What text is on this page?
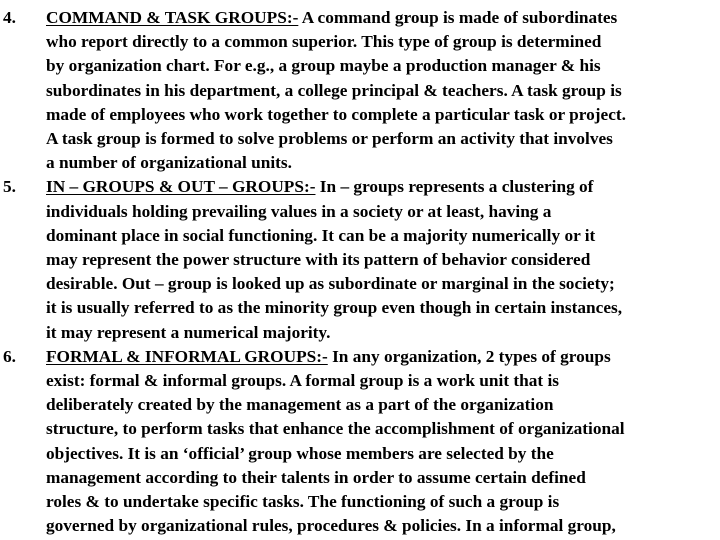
4. COMMAND & TASK GROUPS:- A command group is made of subordinates
who report directly to a common superior. This type of group is determined
by organization chart. For e.g., a group maybe a production manager & his
subordinates in his department, a college principal & teachers. A task group is
made of employees who work together to complete a particular task or project.
A task group is formed to solve problems or perform an activity that involves
a number of organizational units.
5. IN – GROUPS & OUT – GROUPS:- In – groups represents a clustering of
individuals holding prevailing values in a society or at least, having a
dominant place in social functioning. It can be a majority numerically or it
may represent the power structure with its pattern of behavior considered
desirable. Out – group is looked up as subordinate or marginal in the society;
it is usually referred to as the minority group even though in certain instances,
it may represent a numerical majority.
6. FORMAL & INFORMAL GROUPS:- In any organization, 2 types of groups
exist: formal & informal groups. A formal group is a work unit that is
deliberately created by the management as a part of the organization
structure, to perform tasks that enhance the accomplishment of organizational
objectives. It is an ‘official’ group whose members are selected by the
management according to their talents in order to assume certain defined
roles & to undertake specific tasks. The functioning of such a group is
governed by organizational rules, procedures & policies. In a informal group,
